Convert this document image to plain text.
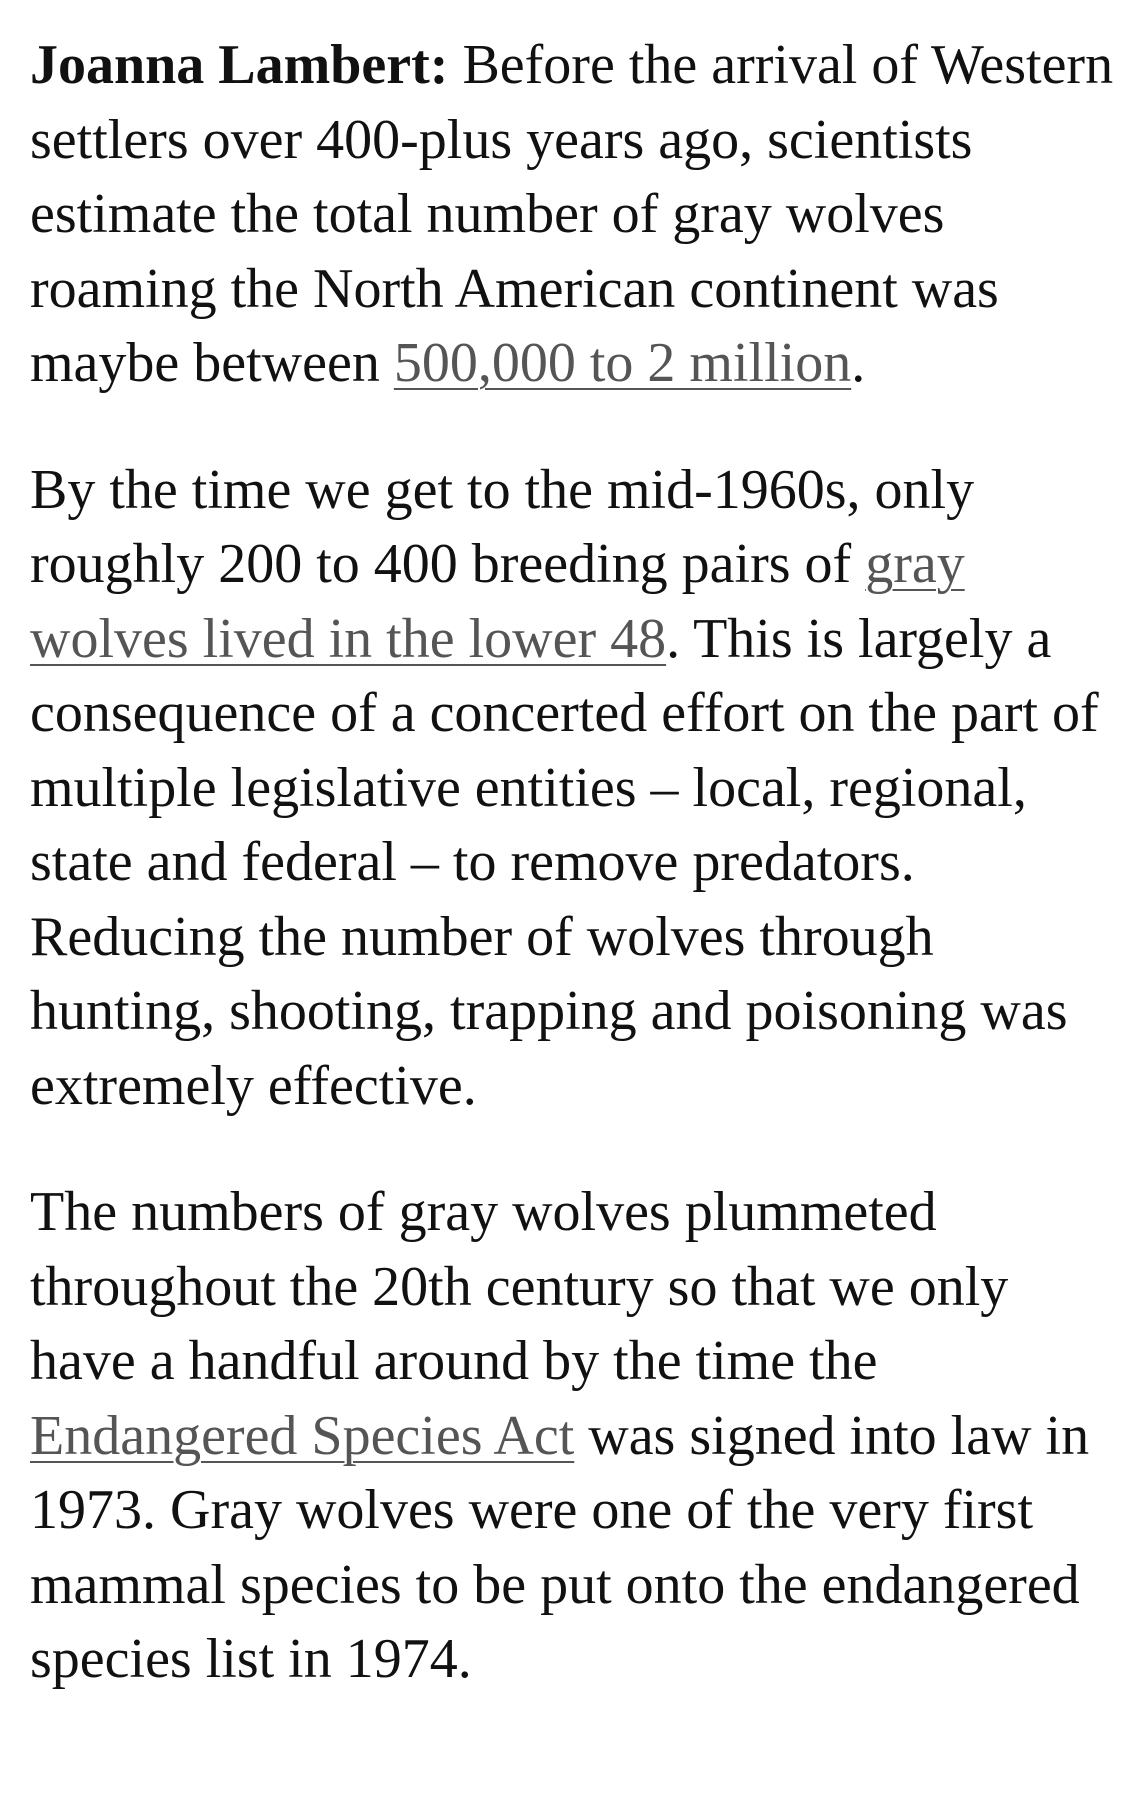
Joanna Lambert: Before the arrival of Western settlers over 400-plus years ago, scientists estimate the total number of gray wolves roaming the North American continent was maybe between 500,000 to 2 million.

By the time we get to the mid-1960s, only roughly 200 to 400 breeding pairs of gray wolves lived in the lower 48. This is largely a consequence of a concerted effort on the part of multiple legislative entities – local, regional, state and federal – to remove predators. Reducing the number of wolves through hunting, shooting, trapping and poisoning was extremely effective.

The numbers of gray wolves plummeted throughout the 20th century so that we only have a handful around by the time the Endangered Species Act was signed into law in 1973. Gray wolves were one of the very first mammal species to be put onto the endangered species list in 1974.
